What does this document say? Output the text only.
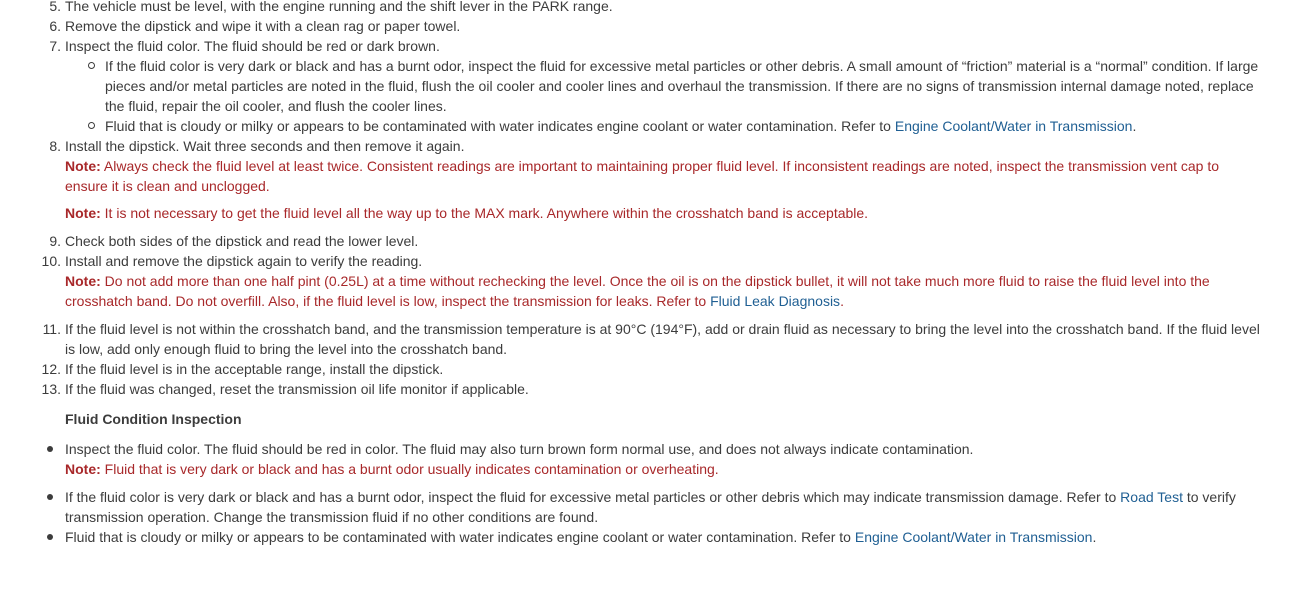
5. The vehicle must be level, with the engine running and the shift lever in the PARK range.
6. Remove the dipstick and wipe it with a clean rag or paper towel.
7. Inspect the fluid color. The fluid should be red or dark brown.
If the fluid color is very dark or black and has a burnt odor, inspect the fluid for excessive metal particles or other debris. A small amount of “friction” material is a “normal” condition. If large pieces and/or metal particles are noted in the fluid, flush the oil cooler and cooler lines and overhaul the transmission. If there are no signs of transmission internal damage noted, replace the fluid, repair the oil cooler, and flush the cooler lines.
Fluid that is cloudy or milky or appears to be contaminated with water indicates engine coolant or water contamination. Refer to Engine Coolant/Water in Transmission.
8. Install the dipstick. Wait three seconds and then remove it again.
Note: Always check the fluid level at least twice. Consistent readings are important to maintaining proper fluid level. If inconsistent readings are noted, inspect the transmission vent cap to ensure it is clean and unclogged.
Note: It is not necessary to get the fluid level all the way up to the MAX mark. Anywhere within the crosshatch band is acceptable.
9. Check both sides of the dipstick and read the lower level.
10. Install and remove the dipstick again to verify the reading.
Note: Do not add more than one half pint (0.25L) at a time without rechecking the level. Once the oil is on the dipstick bullet, it will not take much more fluid to raise the fluid level into the crosshatch band. Do not overfill. Also, if the fluid level is low, inspect the transmission for leaks. Refer to Fluid Leak Diagnosis.
11. If the fluid level is not within the crosshatch band, and the transmission temperature is at 90°C (194°F), add or drain fluid as necessary to bring the level into the crosshatch band. If the fluid level is low, add only enough fluid to bring the level into the crosshatch band.
12. If the fluid level is in the acceptable range, install the dipstick.
13. If the fluid was changed, reset the transmission oil life monitor if applicable.
Fluid Condition Inspection
Inspect the fluid color. The fluid should be red in color. The fluid may also turn brown form normal use, and does not always indicate contamination.
Note: Fluid that is very dark or black and has a burnt odor usually indicates contamination or overheating.
If the fluid color is very dark or black and has a burnt odor, inspect the fluid for excessive metal particles or other debris which may indicate transmission damage. Refer to Road Test to verify transmission operation. Change the transmission fluid if no other conditions are found.
Fluid that is cloudy or milky or appears to be contaminated with water indicates engine coolant or water contamination. Refer to Engine Coolant/Water in Transmission.
